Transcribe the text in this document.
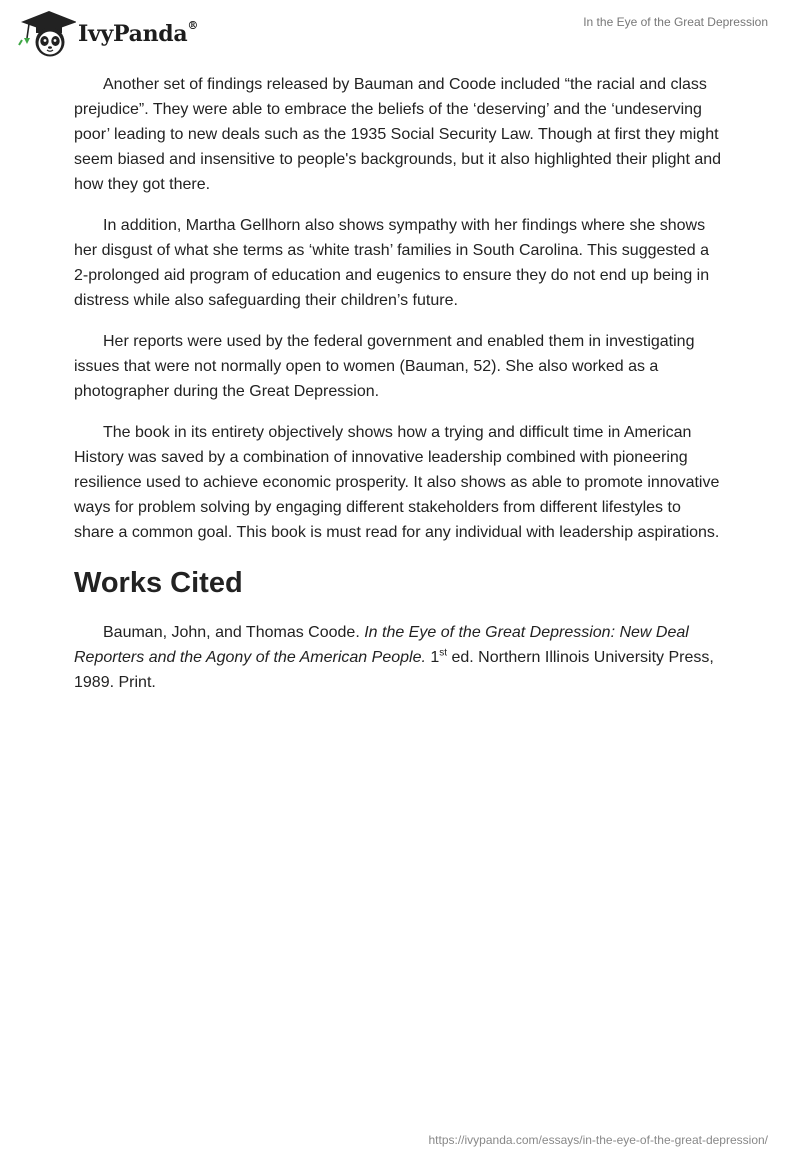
IvyPanda®	In the Eye of the Great Depression

Another set of findings released by Bauman and Coode included “the racial and class prejudice”. They were able to embrace the beliefs of the ‘deserving’ and the ‘undeserving poor’ leading to new deals such as the 1935 Social Security Law. Though at first they might seem biased and insensitive to people's backgrounds, but it also highlighted their plight and how they got there.

In addition, Martha Gellhorn also shows sympathy with her findings where she shows her disgust of what she terms as ‘white trash’ families in South Carolina. This suggested a 2-prolonged aid program of education and eugenics to ensure they do not end up being in distress while also safeguarding their children’s future.

Her reports were used by the federal government and enabled them in investigating issues that were not normally open to women (Bauman, 52). She also worked as a photographer during the Great Depression.

The book in its entirety objectively shows how a trying and difficult time in American History was saved by a combination of innovative leadership combined with pioneering resilience used to achieve economic prosperity. It also shows as able to promote innovative ways for problem solving by engaging different stakeholders from different lifestyles to share a common goal. This book is must read for any individual with leadership aspirations.

Works Cited

Bauman, John, and Thomas Coode. In the Eye of the Great Depression: New Deal Reporters and the Agony of the American People. 1st ed. Northern Illinois University Press, 1989. Print.

https://ivypanda.com/essays/in-the-eye-of-the-great-depression/
